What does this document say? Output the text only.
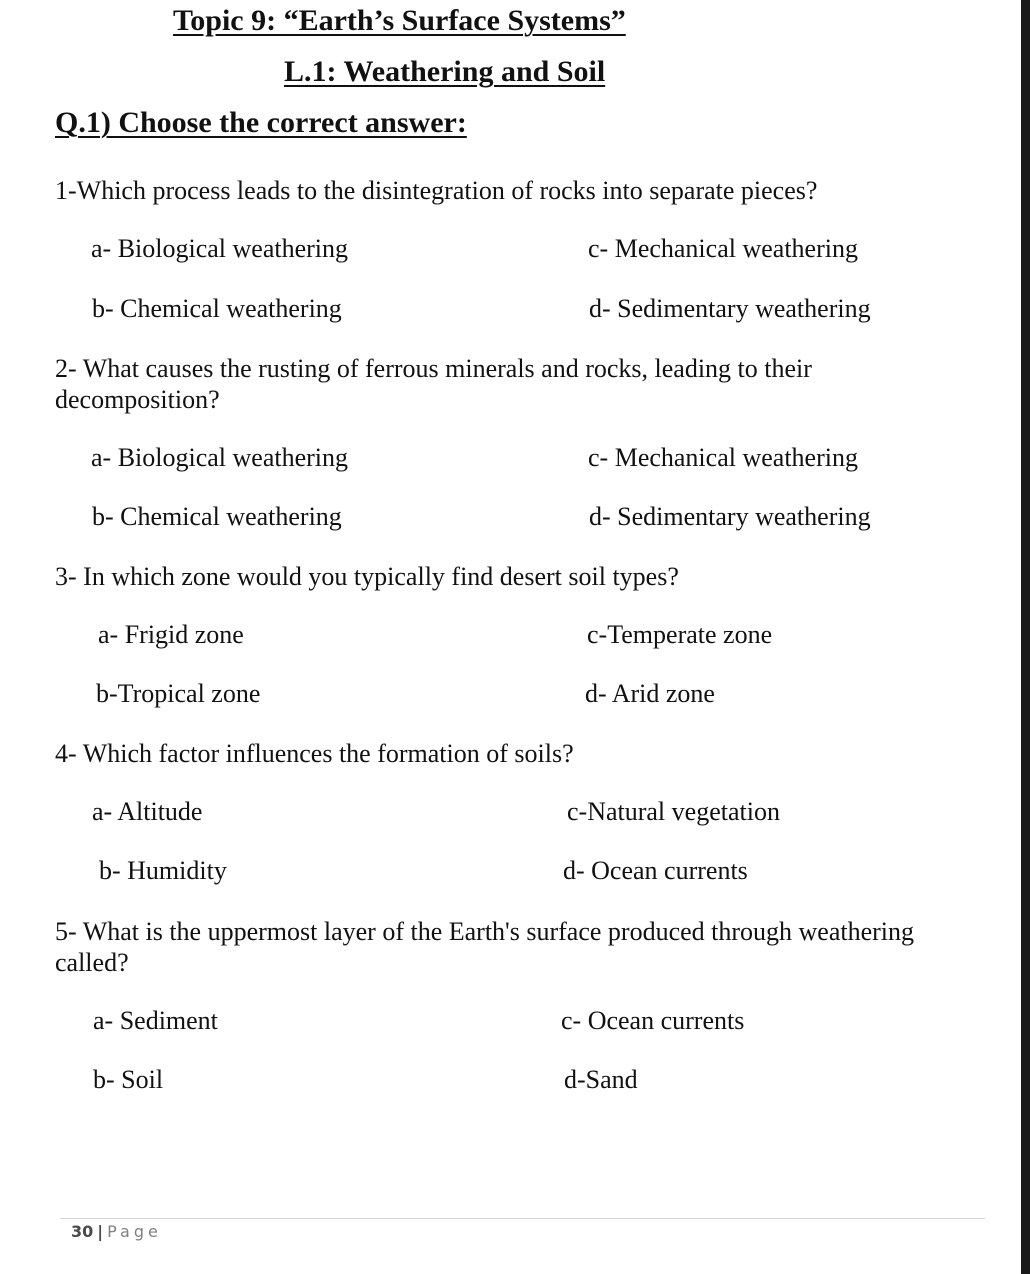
Topic 9: “Earth’s Surface Systems”
L.1: Weathering and Soil
Q.1) Choose the correct answer:
1-Which process leads to the disintegration of rocks into separate pieces?
a- Biological weathering	c- Mechanical weathering
b- Chemical weathering	d- Sedimentary weathering
2- What causes the rusting of ferrous minerals and rocks, leading to their decomposition?
a- Biological weathering	c- Mechanical weathering
b- Chemical weathering	d- Sedimentary weathering
3- In which zone would you typically find desert soil types?
a- Frigid zone	c-Temperate zone
b-Tropical zone	d- Arid zone
4- Which factor influences the formation of soils?
a- Altitude	c-Natural vegetation
b- Humidity	d- Ocean currents
5- What is the uppermost layer of the Earth's surface produced through weathering called?
a- Sediment	c- Ocean currents
b- Soil	d-Sand
30 | Page
